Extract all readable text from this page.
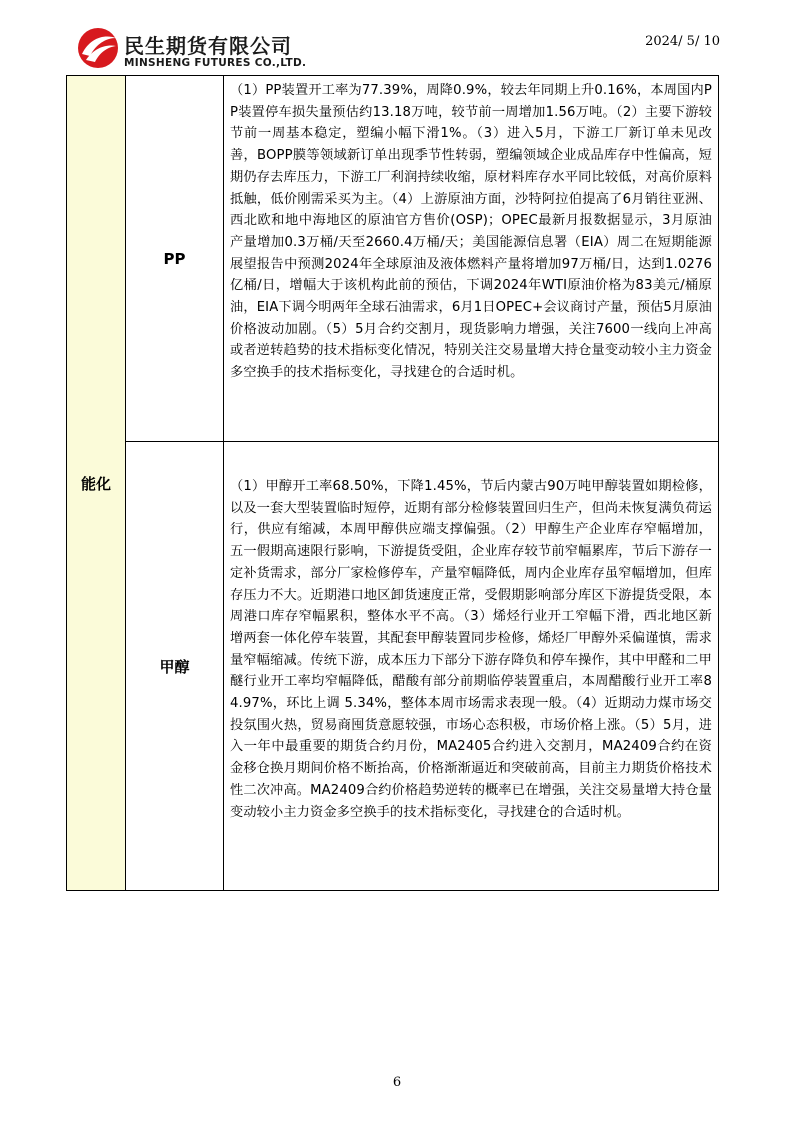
民生期货有限公司
MINSHENG FUTURES CO.,LTD.
2024/ 5/ 10
能化
PP

（1）PP装置开工率为77.39%，周降0.9%，较去年同期上升0.16%，本周国内PP装置停车损失量预估约13.18万吨，较节前一周增加1.56万吨。（2）主要下游较节前一周基本稳定，塑编小幅下滑1%。（3）进入5月，下游工厂新订单未见改善，BOPP膜等领域新订单出现季节性转弱，塑编领域企业成品库存中性偏高，短期仍存去库压力，下游工厂利润持续收缩，原材料库存水平同比较低，对高价原料抵触，低价刚需采买为主。（4）上游原油方面，沙特阿拉伯提高了6月销往亚洲、西北欧和地中海地区的原油官方售价(OSP)；OPEC最新月报数据显示，3月原油产量增加0.3万桶/天至2660.4万桶/天；美国能源信息署（EIA）周二在短期能源展望报告中预测2024年全球原油及液体燃料产量将增加97万桶/日，达到1.0276亿桶/日，增幅大于该机构此前的预估，下调2024年WTI原油价格为83美元/桶原油，EIA下调今明两年全球石油需求，6月1日OPEC+会议商讨产量，预估5月原油价格波动加剧。（5）5月合约交割月，现货影响力增强，关注7600一线向上冲高或者逆转趋势的技术指标变化情况，特别关注交易量增大持仓量变动较小主力资金多空换手的技术指标变化，寻找建仓的合适时机。

甲醇

（1）甲醇开工率68.50%，下降1.45%，节后内蒙古90万吨甲醇装置如期检修，以及一套大型装置临时短停，近期有部分检修装置回归生产，但尚未恢复满负荷运行，供应有缩减，本周甲醇供应端支撑偏强。（2）甲醇生产企业库存窄幅增加，五一假期高速限行影响，下游提货受阻，企业库存较节前窄幅累库，节后下游存一定补货需求，部分厂家检修停车，产量窄幅降低，周内企业库存虽窄幅增加，但库存压力不大。近期港口地区卸货速度正常，受假期影响部分库区下游提货受限，本周港口库存窄幅累积，整体水平不高。（3）烯烃行业开工窄幅下滑，西北地区新增两套一体化停车装置，其配套甲醇装置同步检修，烯烃厂甲醇外采偏谨慎，需求量窄幅缩减。传统下游，成本压力下部分下游存降负和停车操作，其中甲醛和二甲醚行业开工率均窄幅降低，醋酸有部分前期临停装置重启，本周醋酸行业开工率84.97%，环比上调 5.34%，整体本周市场需求表现一般。（4）近期动力煤市场交投氛围火热，贸易商囤货意愿较强，市场心态积极，市场价格上涨。（5）5月，进入一年中最重要的期货合约月份，MA2405合约进入交割月，MA2409合约在资金移仓换月期间价格不断抬高，价格渐渐逼近和突破前高，目前主力期货价格技术性二次冲高。MA2409合约价格趋势逆转的概率已在增强，关注交易量增大持仓量变动较小主力资金多空换手的技术指标变化，寻找建仓的合适时机。

6
